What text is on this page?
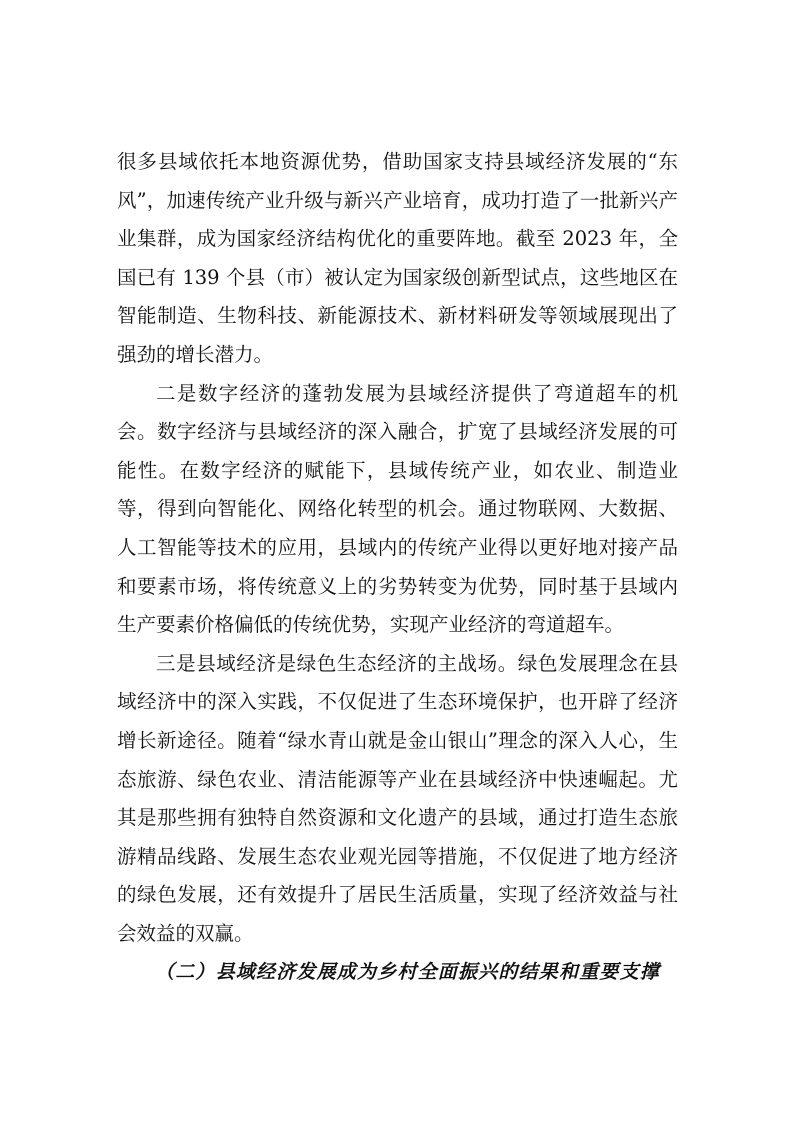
很多县域依托本地资源优势，借助国家支持县域经济发展的“东风”，加速传统产业升级与新兴产业培育，成功打造了一批新兴产业集群，成为国家经济结构优化的重要阵地。截至 2023 年，全国已有 139 个县（市）被认定为国家级创新型试点，这些地区在智能制造、生物科技、新能源技术、新材料研发等领域展现出了强劲的增长潜力。

二是数字经济的蓬勃发展为县域经济提供了弯道超车的机会。数字经济与县域经济的深入融合，扩宽了县域经济发展的可能性。在数字经济的赋能下，县域传统产业，如农业、制造业等，得到向智能化、网络化转型的机会。通过物联网、大数据、人工智能等技术的应用，县域内的传统产业得以更好地对接产品和要素市场，将传统意义上的劣势转变为优势，同时基于县域内生产要素价格偏低的传统优势，实现产业经济的弯道超车。

三是县域经济是绿色生态经济的主战场。绿色发展理念在县域经济中的深入实践，不仅促进了生态环境保护，也开辟了经济增长新途径。随着“绿水青山就是金山银山”理念的深入人心，生态旅游、绿色农业、清洁能源等产业在县域经济中快速崛起。尤其是那些拥有独特自然资源和文化遗产的县域，通过打造生态旅游精品线路、发展生态农业观光园等措施，不仅促进了地方经济的绿色发展，还有效提升了居民生活质量，实现了经济效益与社会效益的双赢。

（二）县域经济发展成为乡村全面振兴的结果和重要支撑
